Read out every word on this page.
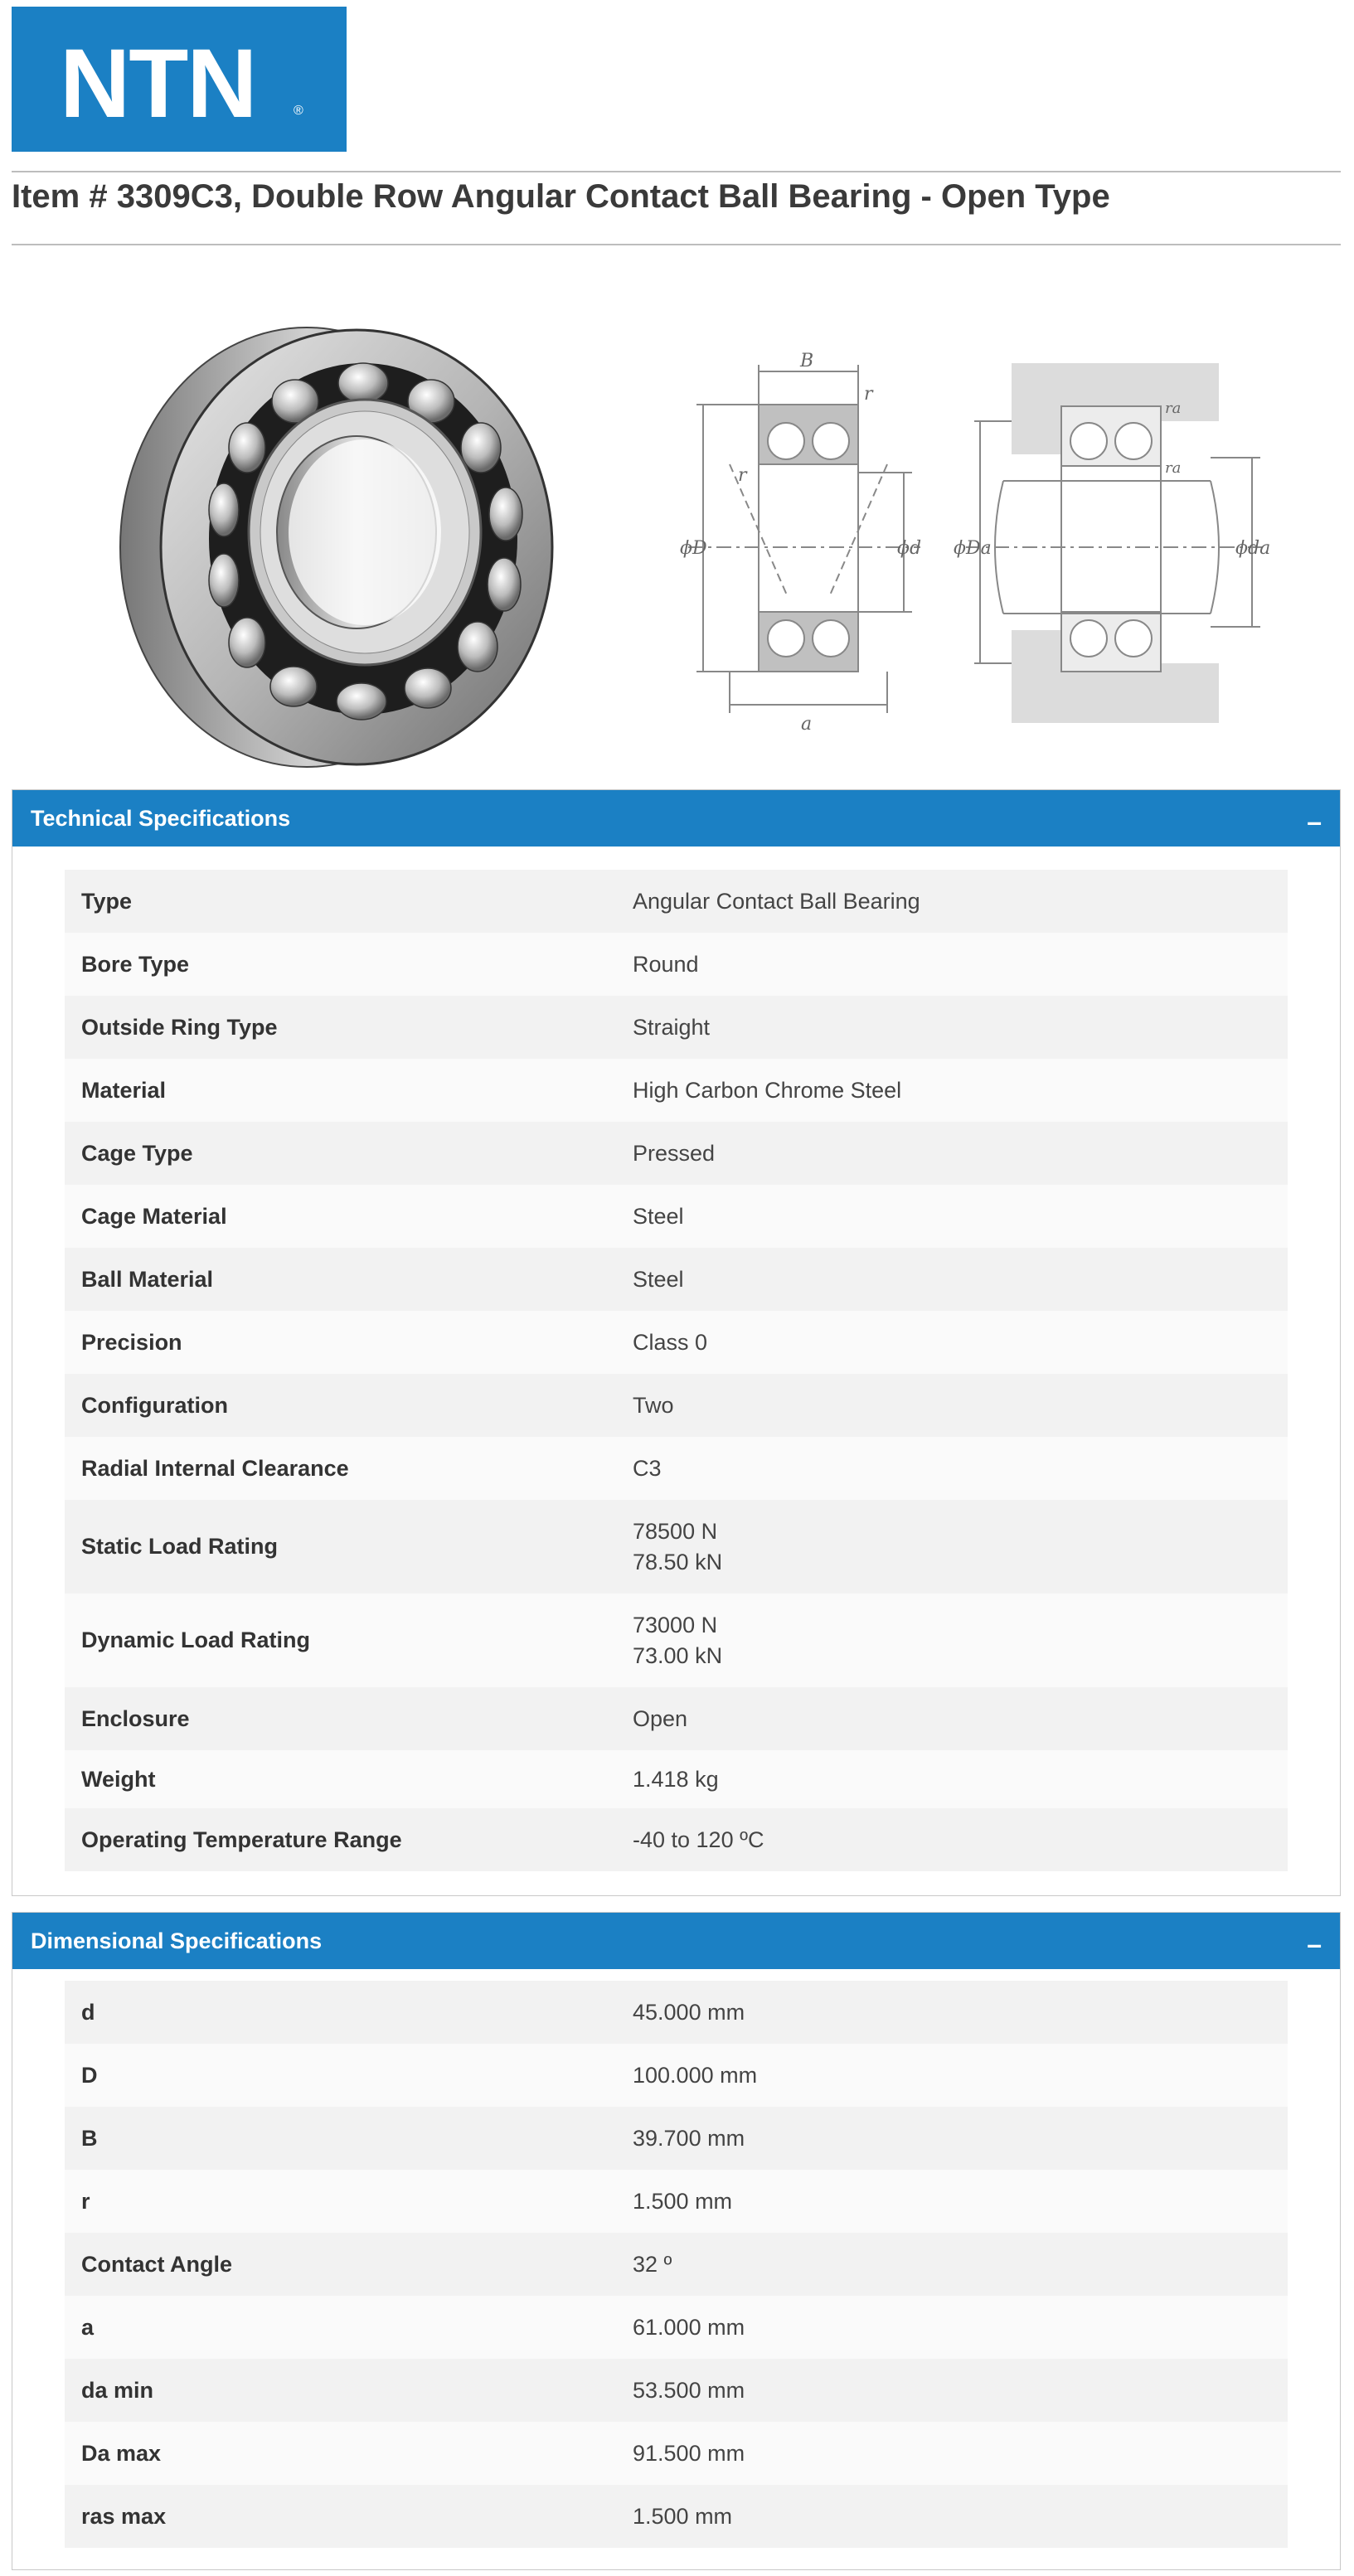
NTN	®
Item # 3309C3, Double Row Angular Contact Ball Bearing - Open Type
B
r
r
ϕD	ϕd
a
ϕDa	ϕda
ra
ra
Technical Specifications	–
Type	Angular Contact Ball Bearing

Bore Type	Round

Outside Ring Type	Straight

Material	High Carbon Chrome Steel

Cage Type	Pressed

Cage Material	Steel

Ball Material	Steel

Precision	Class 0

Configuration	Two

Radial Internal Clearance	C3

Static Load Rating	78500 N
78.50 kN

Dynamic Load Rating	73000 N
73.00 kN

Enclosure	Open

Weight	1.418 kg

Operating Temperature Range	-40 to 120 ºC
Dimensional Specifications	–
d	45.000 mm

D	100.000 mm

B	39.700 mm

r	1.500 mm

Contact Angle	32 º

a	61.000 mm

da min	53.500 mm

Da max	91.500 mm

ras max	1.500 mm
